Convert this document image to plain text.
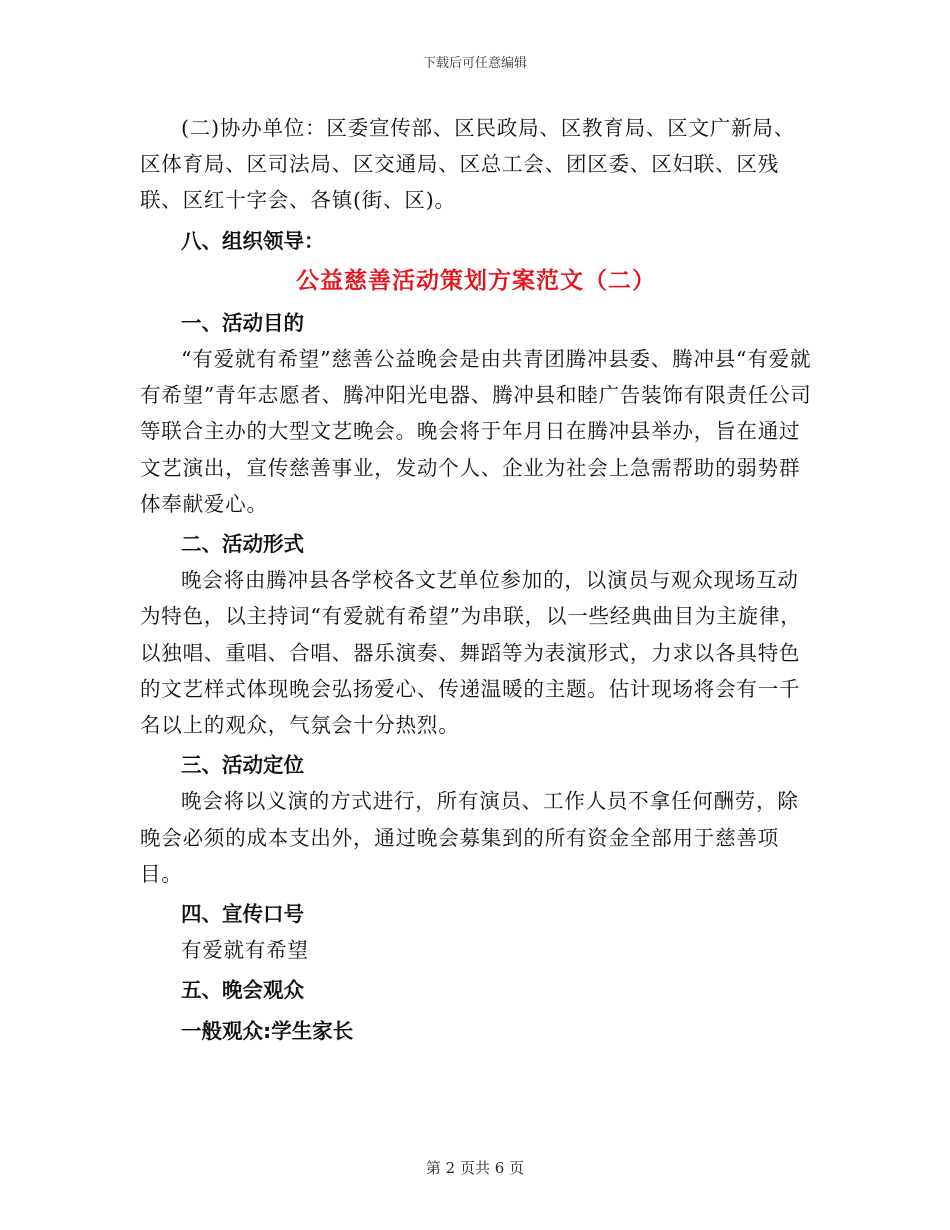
下载后可任意编辑

(二)协办单位：区委宣传部、区民政局、区教育局、区文广新局、区体育局、区司法局、区交通局、区总工会、团区委、区妇联、区残联、区红十字会、各镇(街、区)。

八、组织领导：

公益慈善活动策划方案范文（二）

一、活动目的

“有爱就有希望”慈善公益晚会是由共青团腾冲县委、腾冲县“有爱就有希望”青年志愿者、腾冲阳光电器、腾冲县和睦广告装饰有限责任公司等联合主办的大型文艺晚会。晚会将于年月日在腾冲县举办，旨在通过文艺演出，宣传慈善事业，发动个人、企业为社会上急需帮助的弱势群体奉献爱心。

二、活动形式

晚会将由腾冲县各学校各文艺单位参加的，以演员与观众现场互动为特色，以主持词“有爱就有希望”为串联，以一些经典曲目为主旋律，以独唱、重唱、合唱、器乐演奏、舞蹈等为表演形式，力求以各具特色的文艺样式体现晚会弘扬爱心、传递温暖的主题。估计现场将会有一千名以上的观众，气氛会十分热烈。

三、活动定位

晚会将以义演的方式进行，所有演员、工作人员不拿任何酬劳，除晚会必须的成本支出外，通过晚会募集到的所有资金全部用于慈善项目。

四、宣传口号

有爱就有希望

五、晚会观众

一般观众:学生家长

第 2 页共 6 页
